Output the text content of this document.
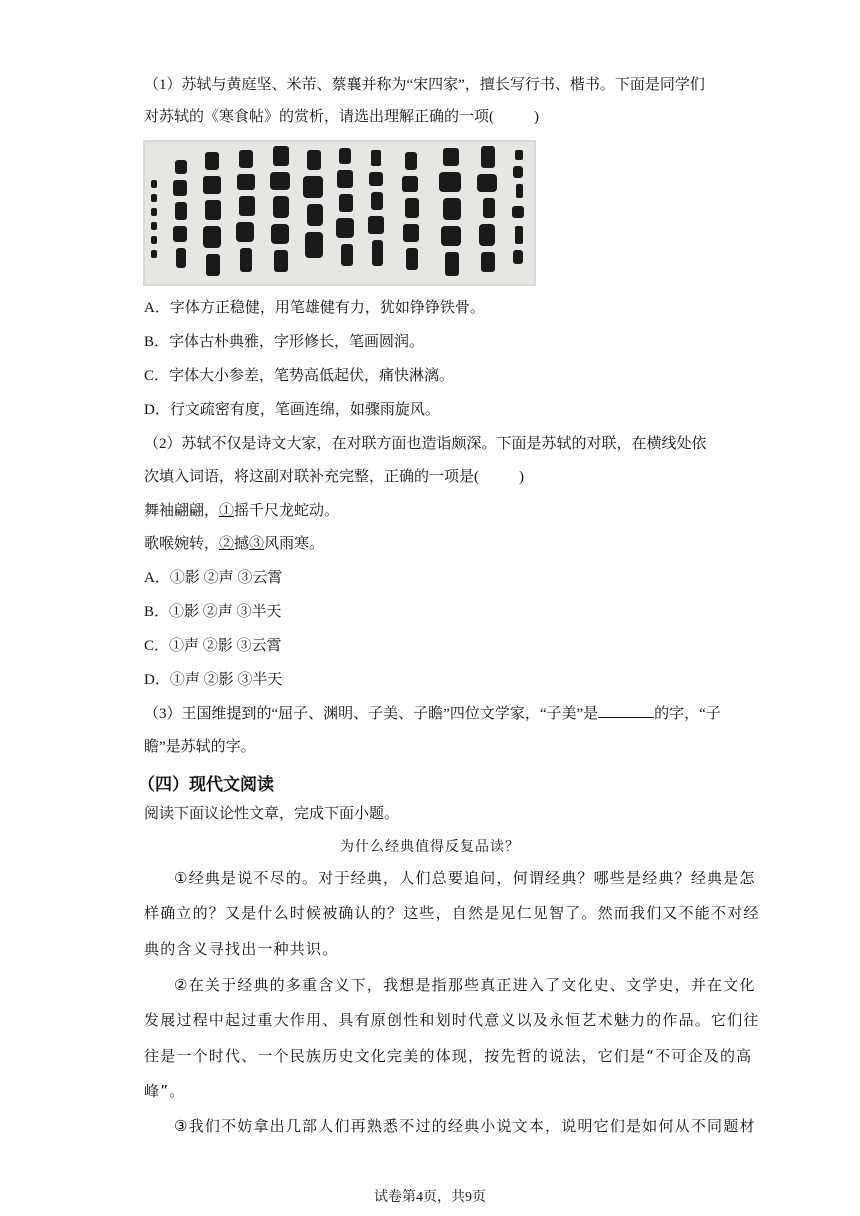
（1）苏轼与黄庭坚、米芾、蔡襄并称为“宋四家”，擅长写行书、楷书。下面是同学们
对苏轼的《寒食帖》的赏析，请选出理解正确的一项(	)
A．字体方正稳健，用笔雄健有力，犹如铮铮铁骨。
B．字体古朴典雅，字形修长，笔画圆润。
C．字体大小参差，笔势高低起伏，痛快淋漓。
D．行文疏密有度，笔画连绵，如骤雨旋风。
（2）苏轼不仅是诗文大家，在对联方面也造诣颇深。下面是苏轼的对联，在横线处依
次填入词语，将这副对联补充完整，正确的一项是(	)
舞袖翩翩，①摇千尺龙蛇动。
歌喉婉转，②撼③风雨寒。
A．①影 ②声 ③云霄
B．①影 ②声 ③半天
C．①声 ②影 ③云霄
D．①声 ②影 ③半天
（3）王国维提到的“屈子、渊明、子美、子瞻”四位文学家，“子美”是	的字，“子
瞻”是苏轼的字。
（四）现代文阅读
阅读下面议论性文章，完成下面小题。
为什么经典值得反复品读？
①经典是说不尽的。对于经典，人们总要追问，何谓经典？哪些是经典？经典是怎
样确立的？又是什么时候被确认的？这些，自然是见仁见智了。然而我们又不能不对经
典的含义寻找出一种共识。
②在关于经典的多重含义下，我想是指那些真正进入了文化史、文学史，并在文化
发展过程中起过重大作用、具有原创性和划时代意义以及永恒艺术魅力的作品。它们往
往是一个时代、一个民族历史文化完美的体现，按先哲的说法，它们是“不可企及的高
峰”。
③我们不妨拿出几部人们再熟悉不过的经典小说文本，说明它们是如何从不同题材
试卷第4页，共9页
